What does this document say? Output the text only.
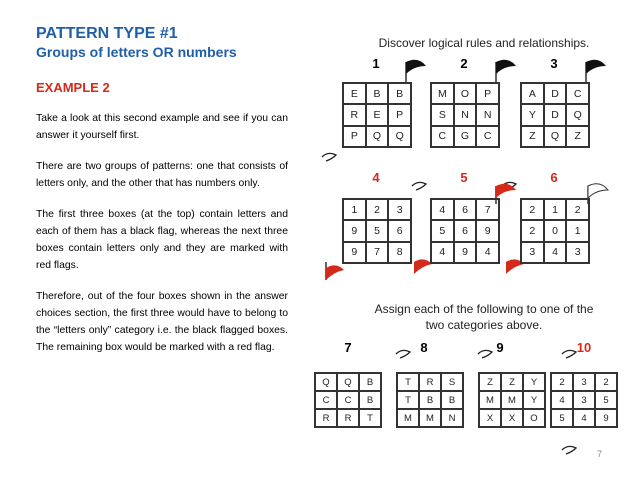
PATTERN TYPE #1
Groups of letters OR numbers
EXAMPLE 2

Take a look at this second example and see if you can answer it yourself first.

There are two groups of patterns: one that consists of letters only, and the other that has numbers only.

The first three boxes (at the top) contain letters and each of them has a black flag, whereas the next three boxes contain letters only and they are marked with red flags.

Therefore, out of the four boxes shown in the answer choices section, the first three would have to belong to the “letters only” category i.e. the black flagged boxes. The remaining box would be marked with a red flag.

Discover logical rules and relationships.
1	2	3
E	B	B
R	E	P
P	Q	Q
M	O	P
S	N	N
C	G	C
A	D	C
Y	D	Q
Z	Q	Z
4	5	6
1	2	3
9	5	6
9	7	8
4	6	7
5	6	9
4	9	4
2	1	2
2	0	1
3	4	3
Assign each of the following to one of the
two categories above.
7	8	9	10
Q	Q	B
C	C	B
R	R	T
T	R	S
T	B	B
M	M	N
Z	Z	Y
M	M	Y
X	X	O
2	3	2
4	3	5
5	4	9
7
